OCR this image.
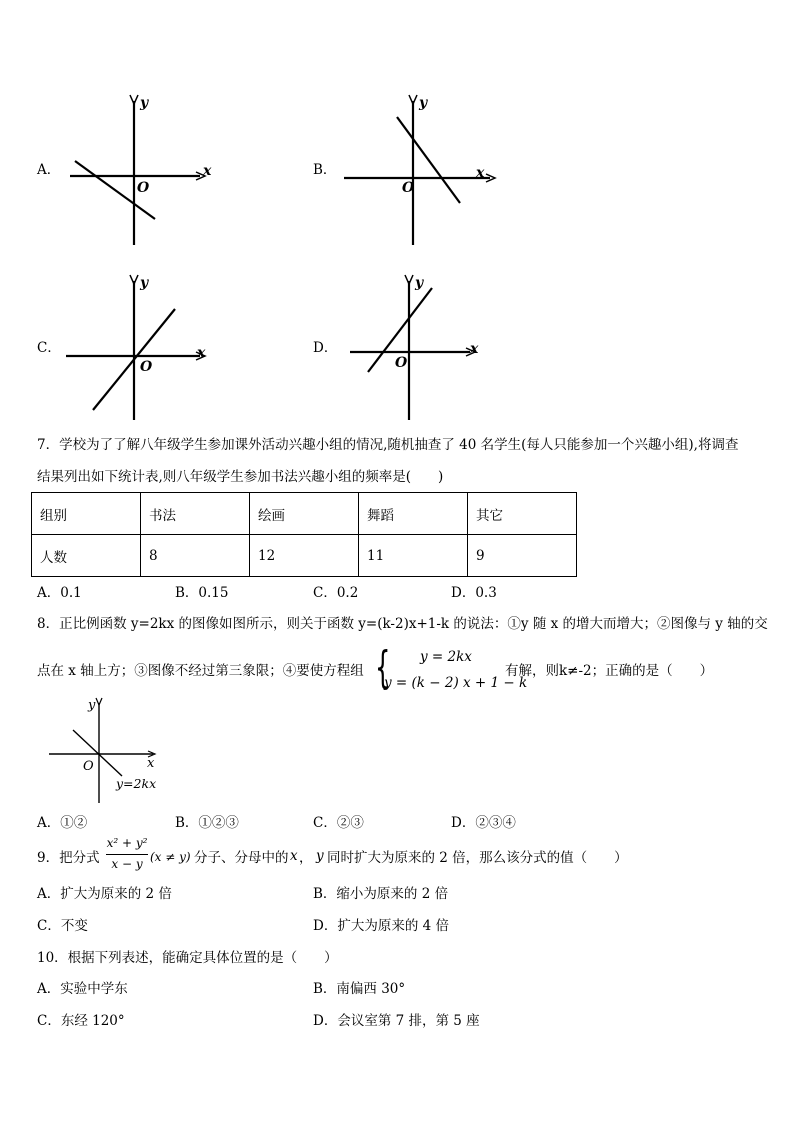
A．
y
x
O
B．
y
x
O
C．
y
x
O
D．
y
x
O
7．学校为了了解八年级学生参加课外活动兴趣小组的情况,随机抽查了 40 名学生(每人只能参加一个兴趣小组),将调查
结果列出如下统计表,则八年级学生参加书法兴趣小组的频率是(　　)
组别	书法	绘画	舞蹈	其它
人数	8	12	11	9
A．0.1	B．0.15	C．0.2	D．0.3
8．正比例函数 y=2kx 的图像如图所示，则关于函数 y=(k-2)x+1-k 的说法：①y 随 x 的增大而增大；②图像与 y 轴的交
点在 x 轴上方；③图像不经过第三象限；④要使方程组 { y = 2kx
y = (k − 2) x + 1 − k
有解，则k≠-2；正确的是（　　）
y
x
O
y=2kx
A．①②	B．①②③	C．②③	D．②③④
9．把分式
x² + y²
x − y (x ≠ y) 分子、分母中的 x ， y 同时扩大为原来的 2 倍，那么该分式的值（　　）
A．扩大为原来的 2 倍	B．缩小为原来的 2 倍
C．不变	D．扩大为原来的 4 倍
10．根据下列表述，能确定具体位置的是（　　）
A．实验中学东	B．南偏西 30°
C．东经 120°	D．会议室第 7 排，第 5 座
